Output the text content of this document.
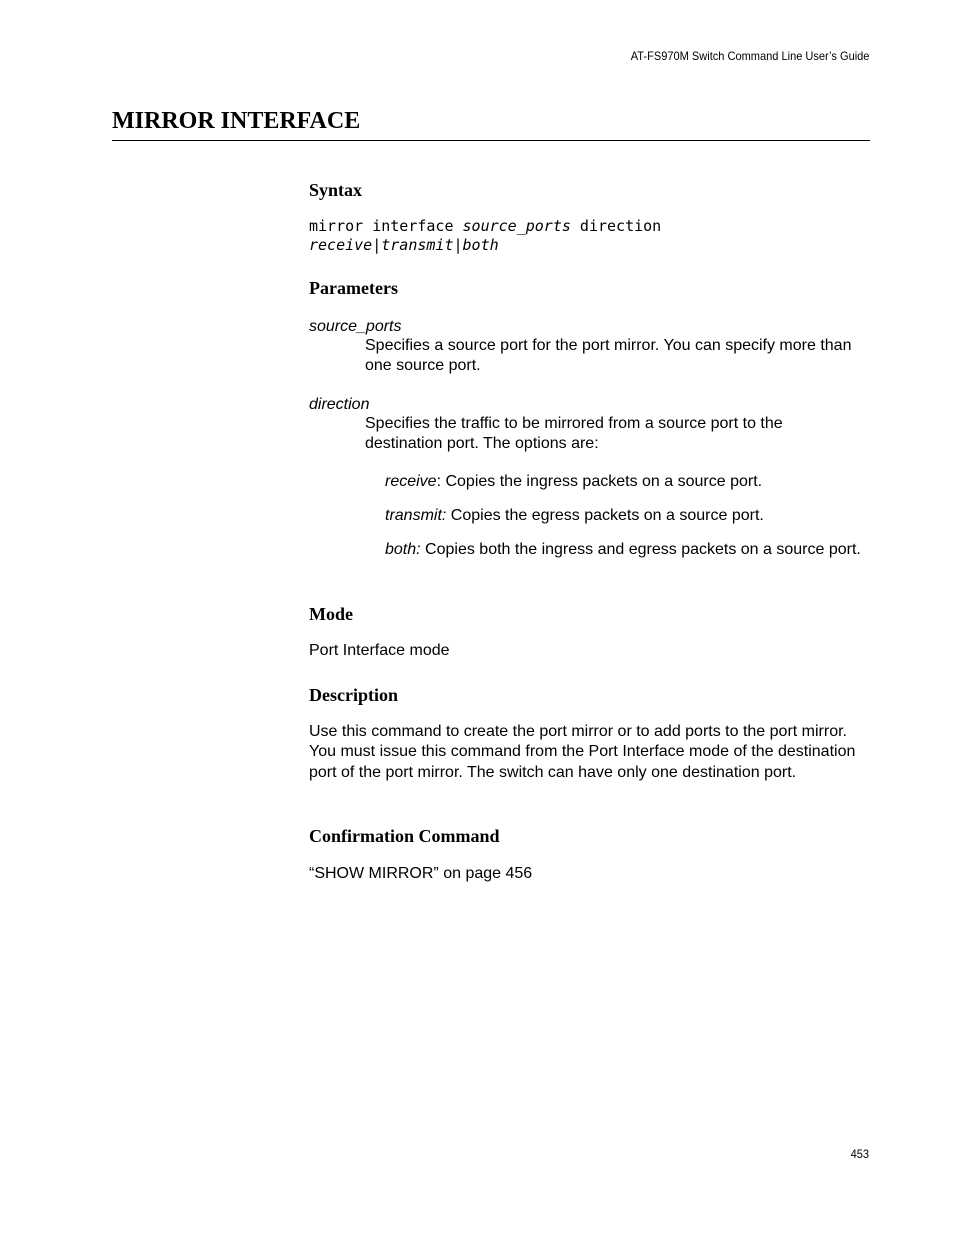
AT-FS970M Switch Command Line User’s Guide
MIRROR INTERFACE
Syntax
mirror interface source_ports direction
receive|transmit|both
Parameters
source_ports
Specifies a source port for the port mirror. You can specify more than one source port.
direction
Specifies the traffic to be mirrored from a source port to the destination port. The options are:
receive: Copies the ingress packets on a source port.
transmit: Copies the egress packets on a source port.
both: Copies both the ingress and egress packets on a source port.
Mode
Port Interface mode
Description
Use this command to create the port mirror or to add ports to the port mirror. You must issue this command from the Port Interface mode of the destination port of the port mirror. The switch can have only one destination port.
Confirmation Command
“SHOW MIRROR” on page 456
453
